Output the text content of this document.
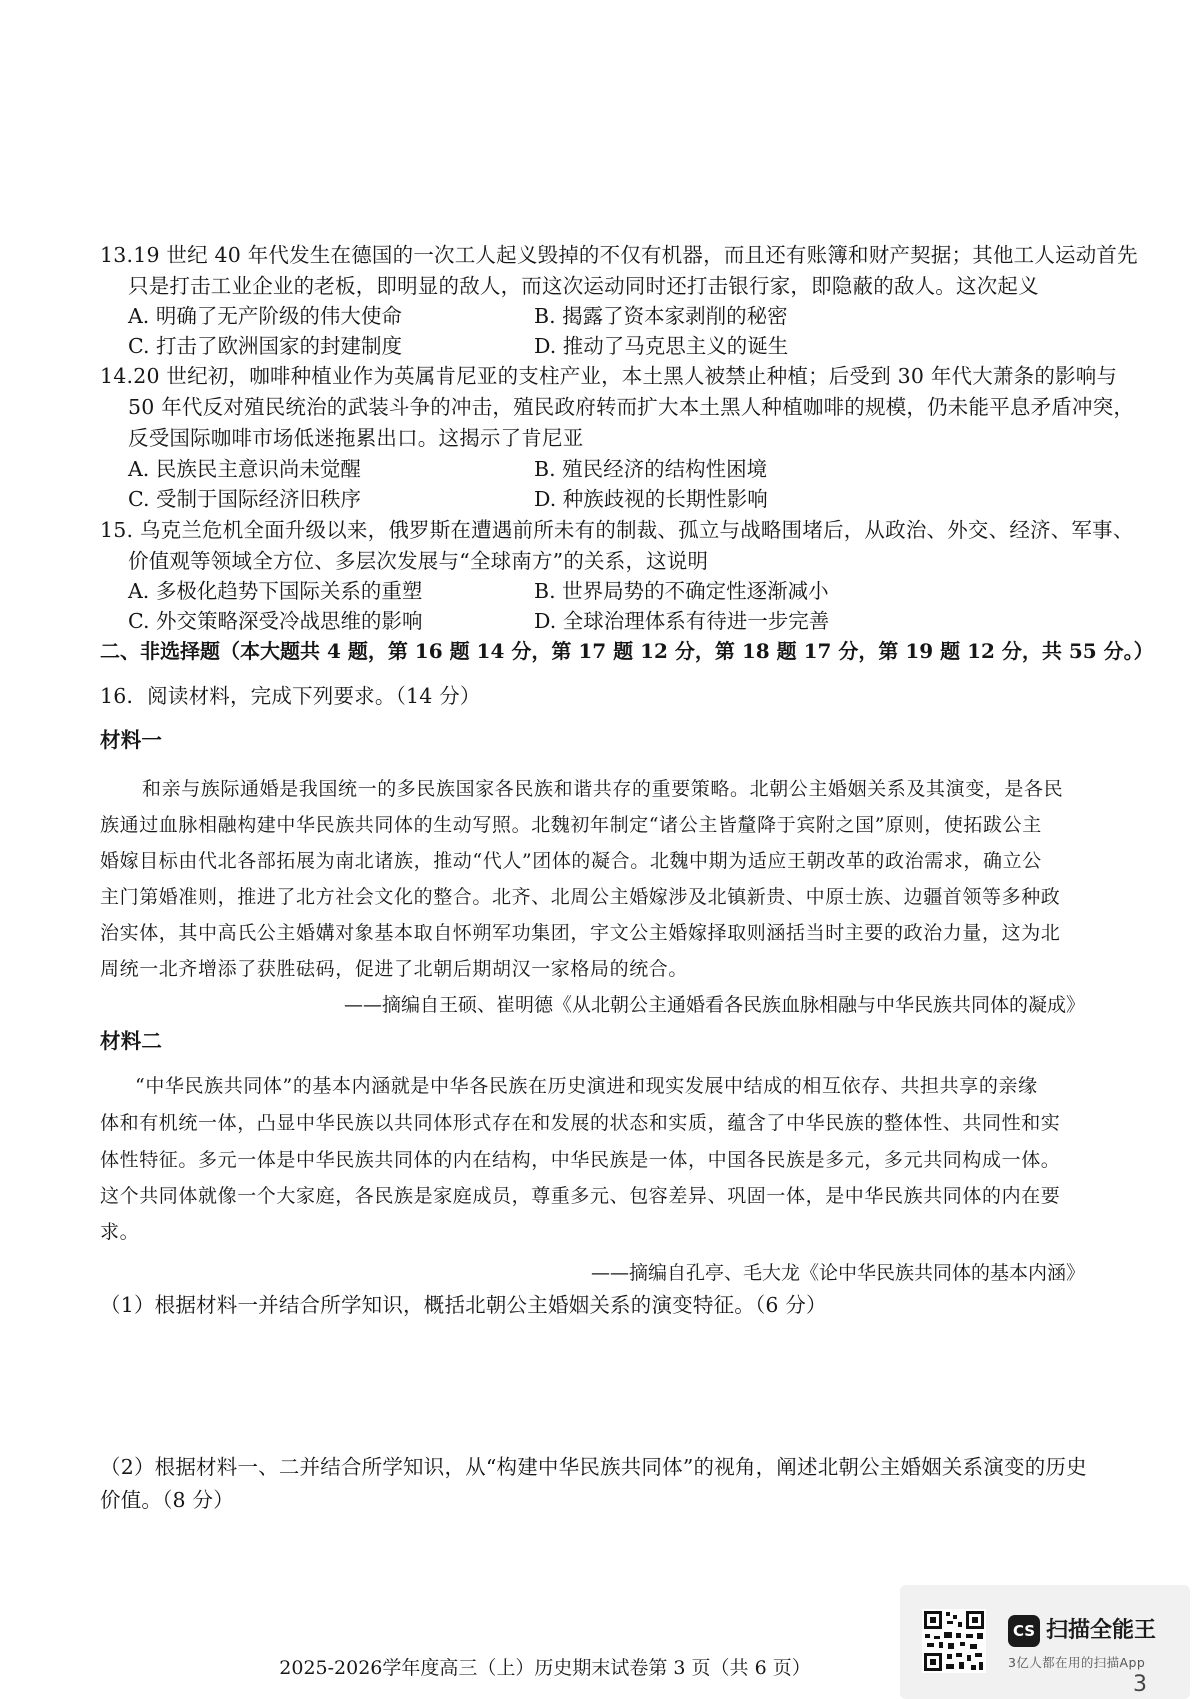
13.19 世纪 40 年代发生在德国的一次工人起义毁掉的不仅有机器，而且还有账簿和财产契据；其他工人运动首先
只是打击工业企业的老板，即明显的敌人，而这次运动同时还打击银行家，即隐蔽的敌人。这次起义
A. 明确了无产阶级的伟大使命	B. 揭露了资本家剥削的秘密
C. 打击了欧洲国家的封建制度	D. 推动了马克思主义的诞生
14.20 世纪初，咖啡种植业作为英属肯尼亚的支柱产业，本土黑人被禁止种植；后受到 30 年代大萧条的影响与
50 年代反对殖民统治的武装斗争的冲击，殖民政府转而扩大本土黑人种植咖啡的规模，仍未能平息矛盾冲突，
反受国际咖啡市场低迷拖累出口。这揭示了肯尼亚
A. 民族民主意识尚未觉醒	B. 殖民经济的结构性困境
C. 受制于国际经济旧秩序	D. 种族歧视的长期性影响
15. 乌克兰危机全面升级以来，俄罗斯在遭遇前所未有的制裁、孤立与战略围堵后，从政治、外交、经济、军事、
价值观等领域全方位、多层次发展与“全球南方”的关系，这说明
A. 多极化趋势下国际关系的重塑	B. 世界局势的不确定性逐渐减小
C. 外交策略深受冷战思维的影响	D. 全球治理体系有待进一步完善
二、非选择题（本大题共 4 题，第 16 题 14 分，第 17 题 12 分，第 18 题 17 分，第 19 题 12 分，共 55 分。）
16．阅读材料，完成下列要求。（14 分）
材料一
和亲与族际通婚是我国统一的多民族国家各民族和谐共存的重要策略。北朝公主婚姻关系及其演变，是各民
族通过血脉相融构建中华民族共同体的生动写照。北魏初年制定“诸公主皆釐降于宾附之国”原则，使拓跋公主
婚嫁目标由代北各部拓展为南北诸族，推动“代人”团体的凝合。北魏中期为适应王朝改革的政治需求，确立公
主门第婚准则，推进了北方社会文化的整合。北齐、北周公主婚嫁涉及北镇新贵、中原士族、边疆首领等多种政
治实体，其中高氏公主婚媾对象基本取自怀朔军功集团，宇文公主婚嫁择取则涵括当时主要的政治力量，这为北
周统一北齐增添了获胜砝码，促进了北朝后期胡汉一家格局的统合。
——摘编自王硕、崔明德《从北朝公主通婚看各民族血脉相融与中华民族共同体的凝成》
材料二
“中华民族共同体”的基本内涵就是中华各民族在历史演进和现实发展中结成的相互依存、共担共享的亲缘
体和有机统一体，凸显中华民族以共同体形式存在和发展的状态和实质，蕴含了中华民族的整体性、共同性和实
体性特征。多元一体是中华民族共同体的内在结构，中华民族是一体，中国各民族是多元，多元共同构成一体。
这个共同体就像一个大家庭，各民族是家庭成员，尊重多元、包容差异、巩固一体，是中华民族共同体的内在要
求。
——摘编自孔亭、毛大龙《论中华民族共同体的基本内涵》
（1）根据材料一并结合所学知识，概括北朝公主婚姻关系的演变特征。（6 分）
（2）根据材料一、二并结合所学知识，从“构建中华民族共同体”的视角，阐述北朝公主婚姻关系演变的历史
价值。（8 分）
2025-2026学年度高三（上）历史期末试卷第 3 页（共 6 页）
CS 扫描全能王
3亿人都在用的扫描App
3
